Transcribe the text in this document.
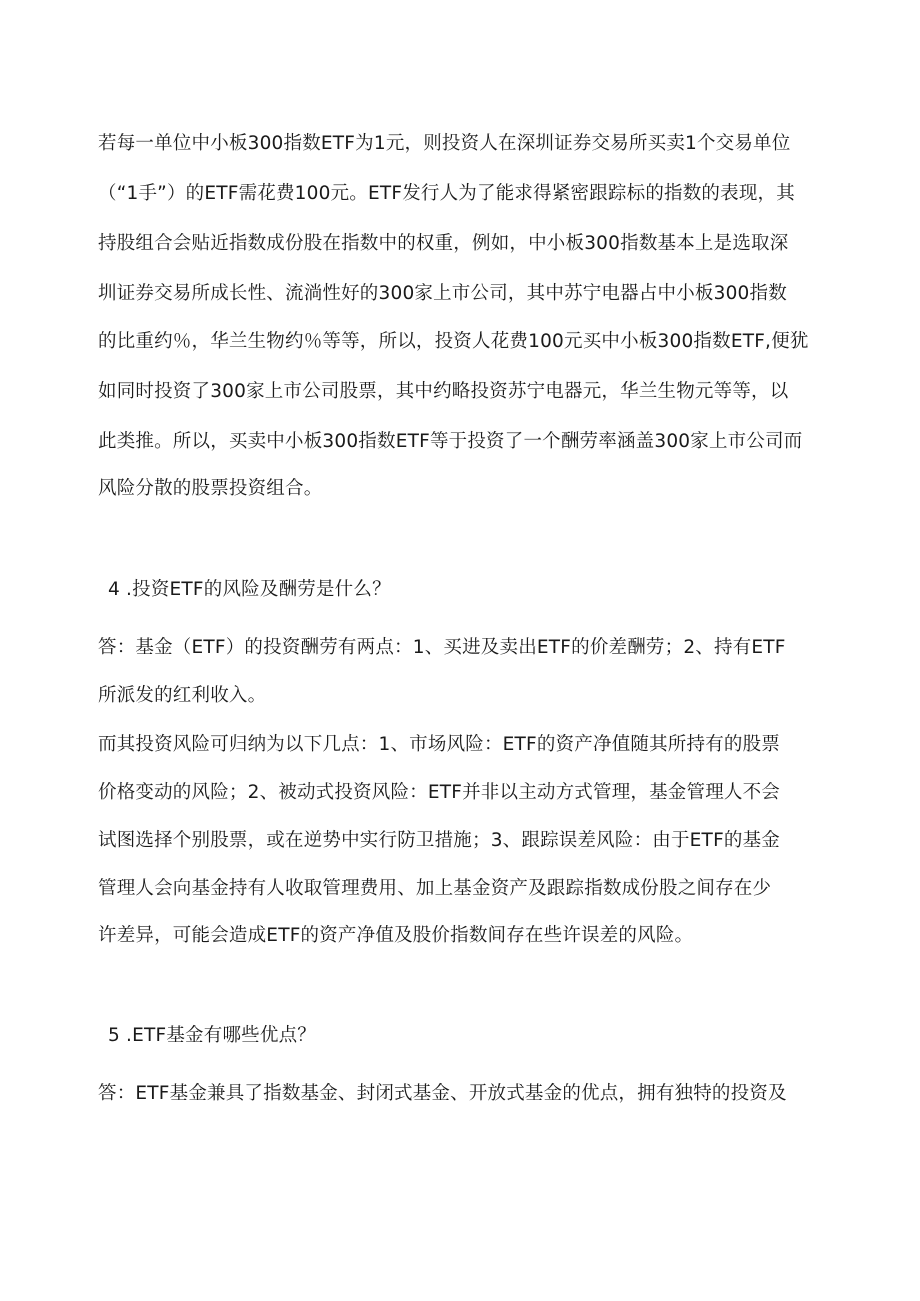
若每一单位中小板300指数ETF为1元，则投资人在深圳证券交易所买卖1个交易单位
（“1手”）的ETF需花费100元。ETF发行人为了能求得紧密跟踪标的指数的表现，其
持股组合会贴近指数成份股在指数中的权重，例如，中小板300指数基本上是选取深
圳证券交易所成长性、流淌性好的300家上市公司，其中苏宁电器占中小板300指数
的比重约％，华兰生物约％等等，所以，投资人花费100元买中小板300指数ETF,便犹
如同时投资了300家上市公司股票，其中约略投资苏宁电器元，华兰生物元等等，以
此类推。所以，买卖中小板300指数ETF等于投资了一个酬劳率涵盖300家上市公司而
风险分散的股票投资组合。
4 .投资ETF的风险及酬劳是什么？
答：基金（ETF）的投资酬劳有两点：1、买进及卖出ETF的价差酬劳；2、持有ETF
所派发的红利收入。
而其投资风险可归纳为以下几点：1、市场风险：ETF的资产净值随其所持有的股票
价格变动的风险；2、被动式投资风险：ETF并非以主动方式管理，基金管理人不会
试图选择个别股票，或在逆势中实行防卫措施；3、跟踪误差风险：由于ETF的基金
管理人会向基金持有人收取管理费用、加上基金资产及跟踪指数成份股之间存在少
许差异，可能会造成ETF的资产净值及股价指数间存在些许误差的风险。
5 .ETF基金有哪些优点？
答：ETF基金兼具了指数基金、封闭式基金、开放式基金的优点，拥有独特的投资及
